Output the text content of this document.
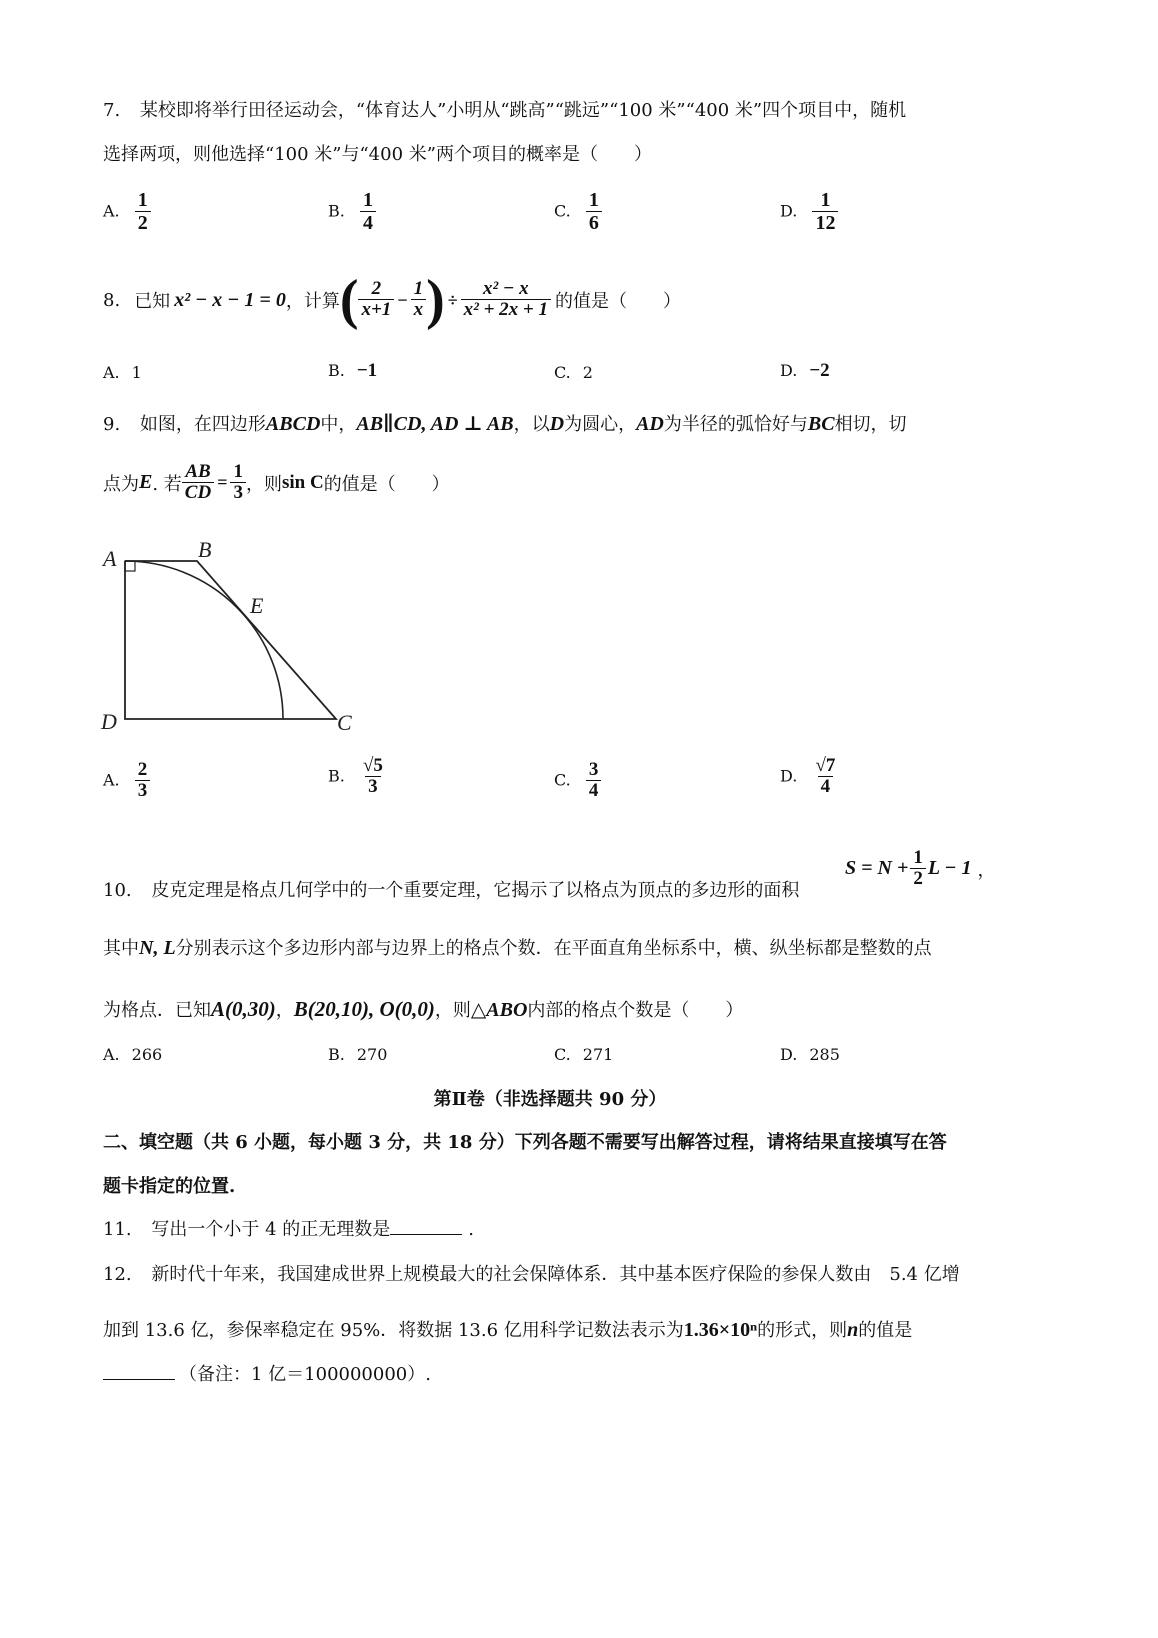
7. 某校即将举行田径运动会，“体育达人”小明从“跳高”“跳远”“100 米”“400 米”四个项目中，随机
选择两项，则他选择“100 米”与“400 米”两个项目的概率是（　　）
A. $\frac{1}{2}$	B. $\frac{1}{4}$	C. $\frac{1}{6}$	D. $\frac{1}{12}$
8. 已知 x² − x − 1 = 0 ，计算 ( $\frac{2}{x+1} - \frac{1}{x}$ ) ÷ $\frac{\text{x² − x}}{\text{x² + 2x + 1}}$ 的值是（　　）
A. 1	B. −1	C. 2	D. −2
9. 如图，在四边形ABCD中，AB∥CD, AD ⊥ AB，以D为圆心，AD为半径的弧恰好与BC相切，切
点为 E . 若 $\frac{AB}{CD} = \frac{1}{3}$ ，则 sin C 的值是（　　）
A	B
E
D	C
A. $\frac{2}{3}$	B. $\frac{√5}{3}$	C. $\frac{3}{4}$	D. $\frac{√7}{4}$
10. 皮克定理是格点几何学中的一个重要定理，它揭示了以格点为顶点的多边形的面积
$S = N + \frac{1}{2}$ L − 1 ，
其中N, L分别表示这个多边形内部与边界上的格点个数．在平面直角坐标系中，横、纵坐标都是整数的点
为格点．已知A(0,30)，B(20,10), O(0,0)，则△ABO内部的格点个数是（　　）
A. 266	B. 270	C. 271	D. 285
第Ⅱ卷（非选择题共 90 分）
二、填空题（共 6 小题，每小题 3 分，共 18 分）下列各题不需要写出解答过程，请将结果直接填写在答
题卡指定的位置.
11. 写出一个小于 4 的正无理数是	.
12. 新时代十年来，我国建成世界上规模最大的社会保障体系．其中基本医疗保险的参保人数由　5.4 亿增
加到 13.6 亿，参保率稳定在 95%．将数据 13.6 亿用科学记数法表示为1.36×10ⁿ的形式，则n的值是
（备注：1 亿＝100000000）.
